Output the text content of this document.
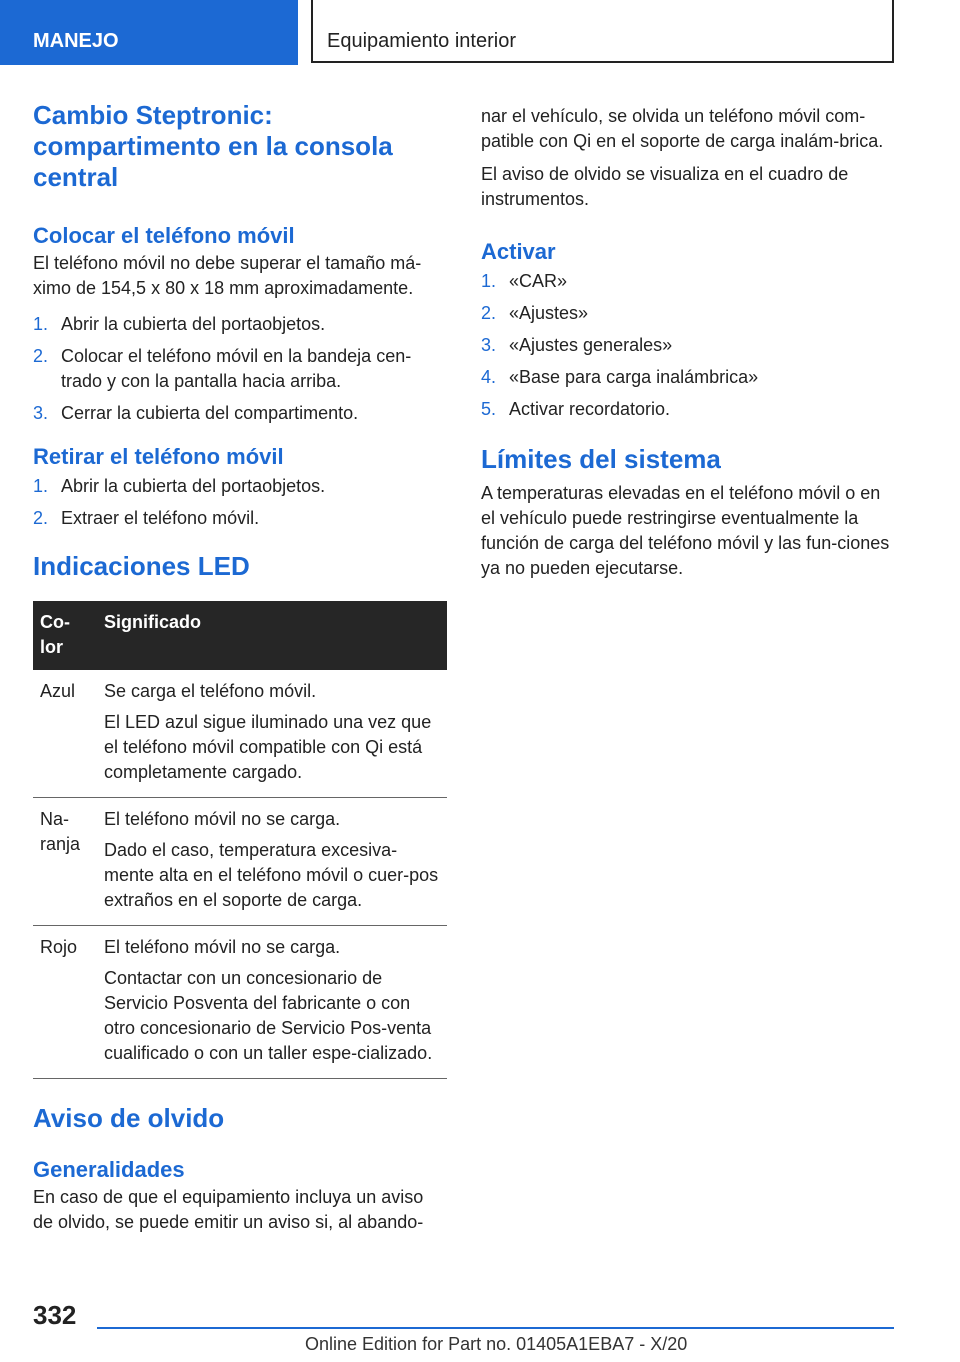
MANEJO	Equipamiento interior
Cambio Steptronic: compartimento en la consola central
Colocar el teléfono móvil

El teléfono móvil no debe superar el tamaño má‐ximo de 154,5 x 80 x 18 mm aproximadamente.

1. Abrir la cubierta del portaobjetos.
2. Colocar el teléfono móvil en la bandeja cen‐trado y con la pantalla hacia arriba.
3. Cerrar la cubierta del compartimento.
Retirar el teléfono móvil
1. Abrir la cubierta del portaobjetos.
2. Extraer el teléfono móvil.
Indicaciones LED
Co‐lor	Significado
Azul	Se carga el teléfono móvil.

El LED azul sigue iluminado una vez que el teléfono móvil compatible con Qi está completamente cargado.

Na‐ranja	El teléfono móvil no se carga.

Dado el caso, temperatura excesiva‐mente alta en el teléfono móvil o cuer‐pos extraños en el soporte de carga.

Rojo	El teléfono móvil no se carga.

Contactar con un concesionario de Servicio Posventa del fabricante o con otro concesionario de Servicio Pos‐venta cualificado o con un taller espe‐cializado.

Aviso de olvido
Generalidades

En caso de que el equipamiento incluya un aviso de olvido, se puede emitir un aviso si, al abando‐

nar el vehículo, se olvida un teléfono móvil com‐patible con Qi en el soporte de carga inalám‐brica.

El aviso de olvido se visualiza en el cuadro de instrumentos.

Activar
1. «CAR»
2. «Ajustes»
3. «Ajustes generales»
4. «Base para carga inalámbrica»
5. Activar recordatorio.
Límites del sistema

A temperaturas elevadas en el teléfono móvil o en el vehículo puede restringirse eventualmente la función de carga del teléfono móvil y las fun‐ciones ya no pueden ejecutarse.

332
Online Edition for Part no. 01405A1EBA7 - X/20
